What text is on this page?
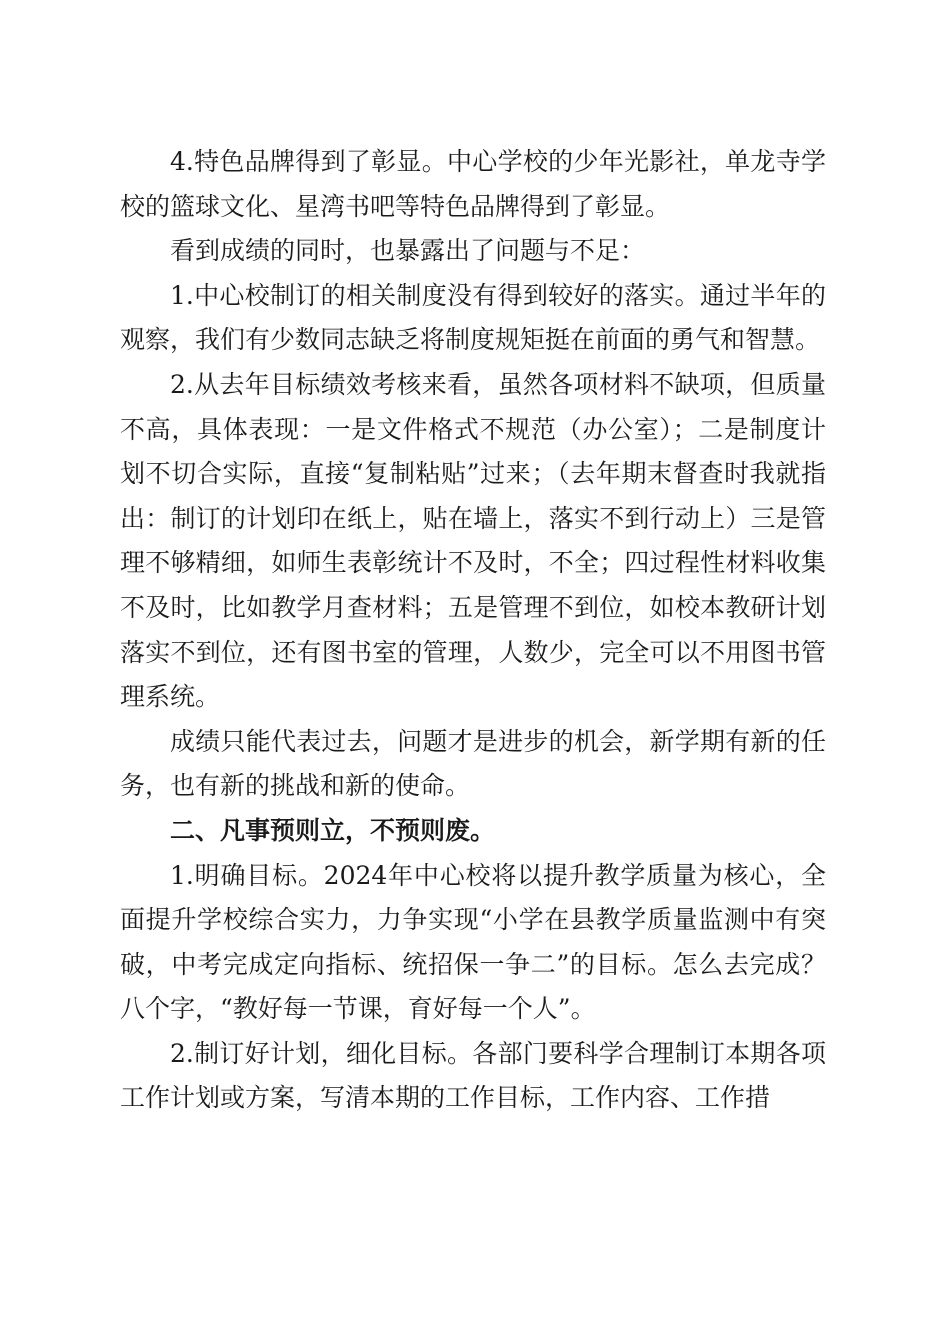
4.特色品牌得到了彰显。中心学校的少年光影社，单龙寺学校的篮球文化、星湾书吧等特色品牌得到了彰显。

看到成绩的同时，也暴露出了问题与不足：

1.中心校制订的相关制度没有得到较好的落实。通过半年的观察，我们有少数同志缺乏将制度规矩挺在前面的勇气和智慧。

2.从去年目标绩效考核来看，虽然各项材料不缺项，但质量不高，具体表现：一是文件格式不规范（办公室）；二是制度计划不切合实际，直接“复制粘贴”过来；（去年期末督查时我就指出：制订的计划印在纸上，贴在墙上，落实不到行动上）三是管理不够精细，如师生表彰统计不及时，不全；四过程性材料收集不及时，比如教学月查材料；五是管理不到位，如校本教研计划落实不到位，还有图书室的管理，人数少，完全可以不用图书管理系统。

成绩只能代表过去，问题才是进步的机会，新学期有新的任务，也有新的挑战和新的使命。

二、凡事预则立，不预则废。

1.明确目标。2024年中心校将以提升教学质量为核心，全面提升学校综合实力，力争实现“小学在县教学质量监测中有突破，中考完成定向指标、统招保一争二”的目标。怎么去完成？八个字，“教好每一节课，育好每一个人”。

2.制订好计划，细化目标。各部门要科学合理制订本期各项工作计划或方案，写清本期的工作目标，工作内容、工作措
